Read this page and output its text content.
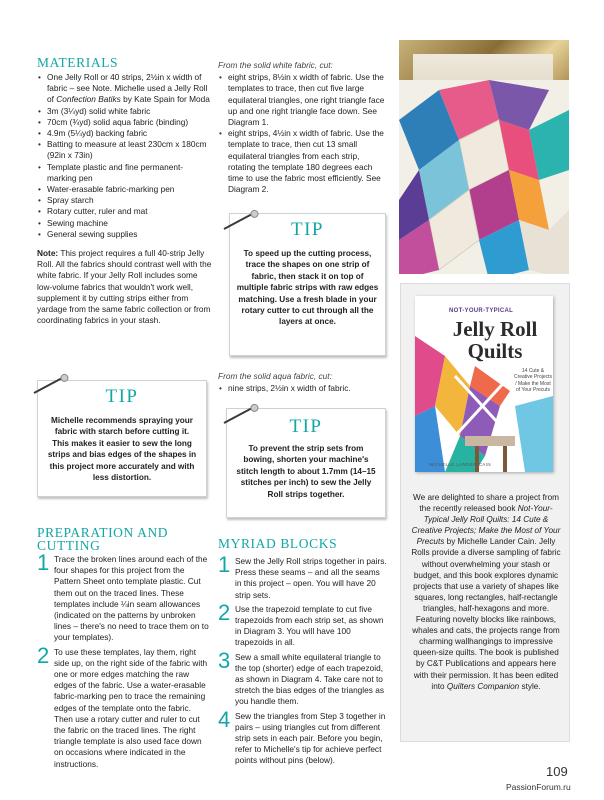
MATERIALS
• One Jelly Roll or 40 strips, 2½in x width of fabric – see Note. Michelle used a Jelly Roll of Confection Batiks by Kate Spain for Moda
• 3m (3¼yd) solid white fabric
• 70cm (¾yd) solid aqua fabric (binding)
• 4.9m (5¼yd) backing fabric
• Batting to measure at least 230cm x 180cm (92in x 73in)
• Template plastic and fine permanent-marking pen
• Water-erasable fabric-marking pen
• Spray starch
• Rotary cutter, ruler and mat
• Sewing machine
• General sewing supplies

Note: This project requires a full 40-strip Jelly Roll. All the fabrics should contrast well with the white fabric. If your Jelly Roll includes some low-volume fabrics that wouldn't work well, supplement it by cutting strips either from yardage from the same fabric collection or from coordinating fabrics in your stash.

TIP
Michelle recommends spraying your fabric with starch before cutting it. This makes it easier to sew the long strips and bias edges of the shapes in this project more accurately and with less distortion.
PREPARATION AND CUTTING
1 Trace the broken lines around each of the four shapes for this project from the Pattern Sheet onto template plastic. Cut them out on the traced lines. These templates include ¼in seam allowances (indicated on the patterns by unbroken lines – there's no need to trace them on to your templates).
2 To use these templates, lay them, right side up, on the right side of the fabric with one or more edges matching the raw edges of the fabric. Use a water-erasable fabric-marking pen to trace the remaining edges of the template onto the fabric. Then use a rotary cutter and ruler to cut the fabric on the traced lines. The right triangle template is also used face down on occasions where indicated in the instructions.

From the solid white fabric, cut:

• eight strips, 8½in x width of fabric. Use the templates to trace, then cut five large equilateral triangles, one right triangle face up and one right triangle face down. See Diagram 1.
• eight strips, 4½in x width of fabric. Use the template to trace, then cut 13 small equilateral triangles from each strip, rotating the template 180 degrees each time to use the fabric most efficiently. See Diagram 2.
TIP
To speed up the cutting process, trace the shapes on one strip of fabric, then stack it on top of multiple fabric strips with raw edges matching. Use a fresh blade in your rotary cutter to cut through all the layers at once.

From the solid aqua fabric, cut:

• nine strips, 2½in x width of fabric.
TIP
To prevent the strip sets from bowing, shorten your machine's stitch length to about 1.7mm (14–15 stitches per inch) to sew the Jelly Roll strips together.
MYRIAD BLOCKS
1 Sew the Jelly Roll strips together in pairs. Press these seams – and all the seams in this project – open. You will have 20 strip sets.
2 Use the trapezoid template to cut five trapezoids from each strip set, as shown in Diagram 3. You will have 100 trapezoids in all.
3 Sew a small white equilateral triangle to the top (shorter) edge of each trapezoid, as shown in Diagram 4. Take care not to stretch the bias edges of the triangles as you handle them.
4 Sew the triangles from Step 3 together in pairs – using triangles cut from different strip sets in each pair. Before you begin, refer to Michelle's tip for achieve perfect points without pins (below).
NOT-YOUR-TYPICAL
Jelly Roll Quilts
14 Cute & Creative Projects / Make the Most of Your Precuts
MICHELLE LANDER CAIN
We are delighted to share a project from the recently released book Not-Your-Typical Jelly Roll Quilts: 14 Cute & Creative Projects; Make the Most of Your Precuts by Michelle Lander Cain. Jelly Rolls provide a diverse sampling of fabric without overwhelming your stash or budget, and this book explores dynamic projects that use a variety of shapes like squares, long rectangles, half-rectangle triangles, half-hexagons and more. Featuring novelty blocks like rainbows, whales and cats, the projects range from charming wallhangings to impressive queen-size quilts. The book is published by C&T Publications and appears here with their permission. It has been edited into Quilters Companion style.
109
PassionForum.ru
